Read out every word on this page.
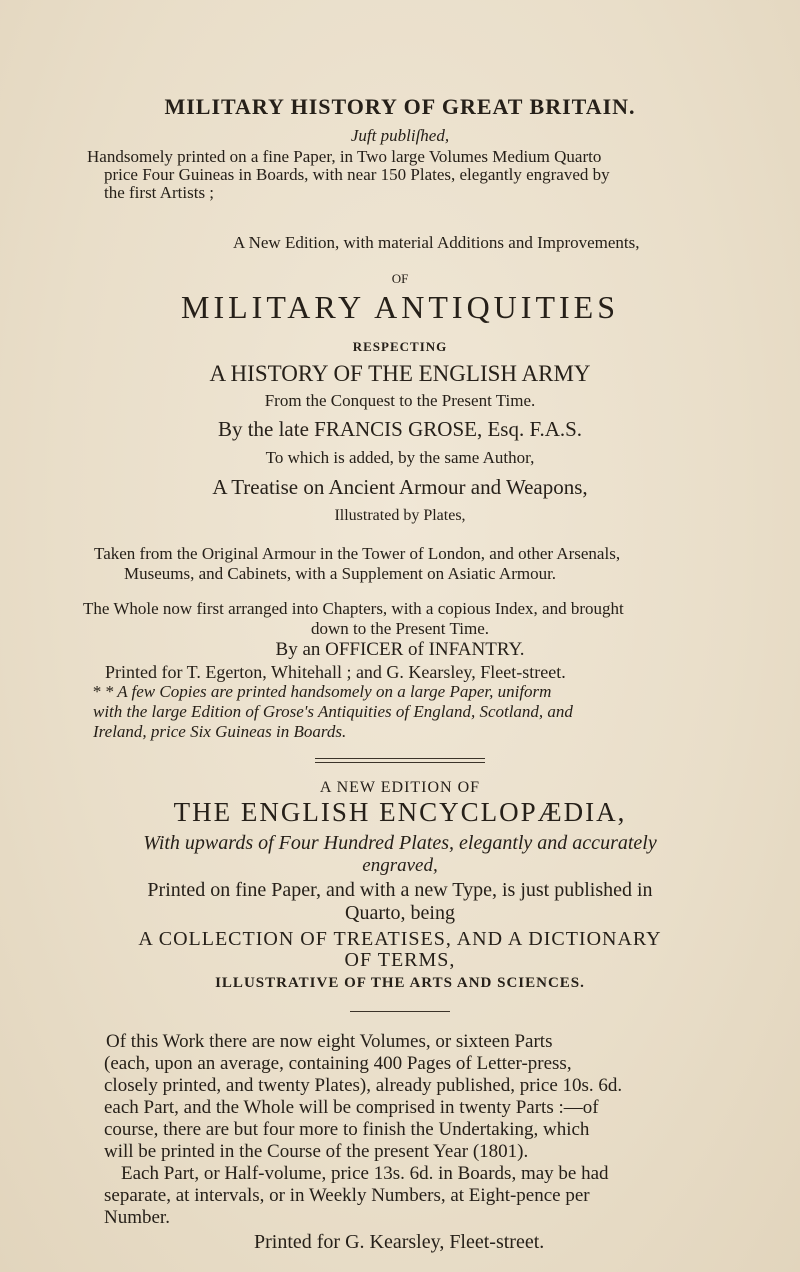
MILITARY HISTORY OF GREAT BRITAIN.
Juft publiſhed,
Handsomely printed on a fine Paper, in Two large Volumes Medium Quarto
price Four Guineas in Boards, with near 150 Plates, elegantly engraved by
the first Artists ;
A New Edition, with material Additions and Improvements,
OF
MILITARY ANTIQUITIES
RESPECTING
A HISTORY OF THE ENGLISH ARMY
From the Conquest to the Present Time.
By the late FRANCIS GROSE, Esq. F.A.S.
To which is added, by the same Author,
A Treatise on Ancient Armour and Weapons,
Illustrated by Plates,
Taken from the Original Armour in the Tower of London, and other Arsenals,
Museums, and Cabinets, with a Supplement on Asiatic Armour.
The Whole now first arranged into Chapters, with a copious Index, and brought
down to the Present Time.
By an OFFICER of INFANTRY.
Printed for T. Egerton, Whitehall ; and G. Kearsley, Fleet-street.
* * A few Copies are printed handsomely on a large Paper, uniform
with the large Edition of Grose's Antiquities of England, Scotland, and
Ireland, price Six Guineas in Boards.
A NEW EDITION OF
THE ENGLISH ENCYCLOPÆDIA,
With upwards of Four Hundred Plates, elegantly and accurately
engraved,
Printed on fine Paper, and with a new Type, is just published in
Quarto, being
A COLLECTION OF TREATISES, AND A DICTIONARY
OF TERMS,
ILLUSTRATIVE OF THE ARTS AND SCIENCES.
Of this Work there are now eight Volumes, or sixteen Parts
(each, upon an average, containing 400 Pages of Letter-press,
closely printed, and twenty Plates), already published, price 10s. 6d.
each Part, and the Whole will be comprised in twenty Parts :—of
course, there are but four more to finish the Undertaking, which
will be printed in the Course of the present Year (1801).
Each Part, or Half-volume, price 13s. 6d. in Boards, may be had
separate, at intervals, or in Weekly Numbers, at Eight-pence per
Number.
Printed for G. Kearsley, Fleet-street.
